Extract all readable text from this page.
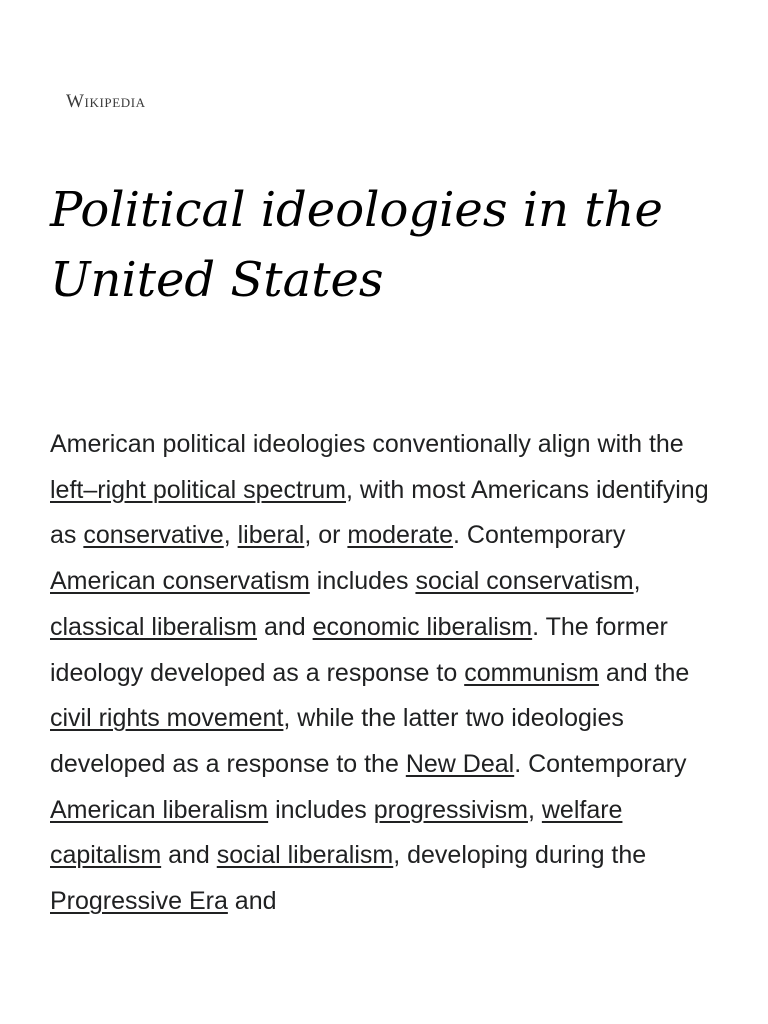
Wikipedia
Political ideologies in the United States

American political ideologies conventionally align with the left–right political spectrum, with most Americans identifying as conservative, liberal, or moderate. Contemporary American conservatism includes social conservatism, classical liberalism and economic liberalism. The former ideology developed as a response to communism and the civil rights movement, while the latter two ideologies developed as a response to the New Deal. Contemporary American liberalism includes progressivism, welfare capitalism and social liberalism, developing during the Progressive Era and
